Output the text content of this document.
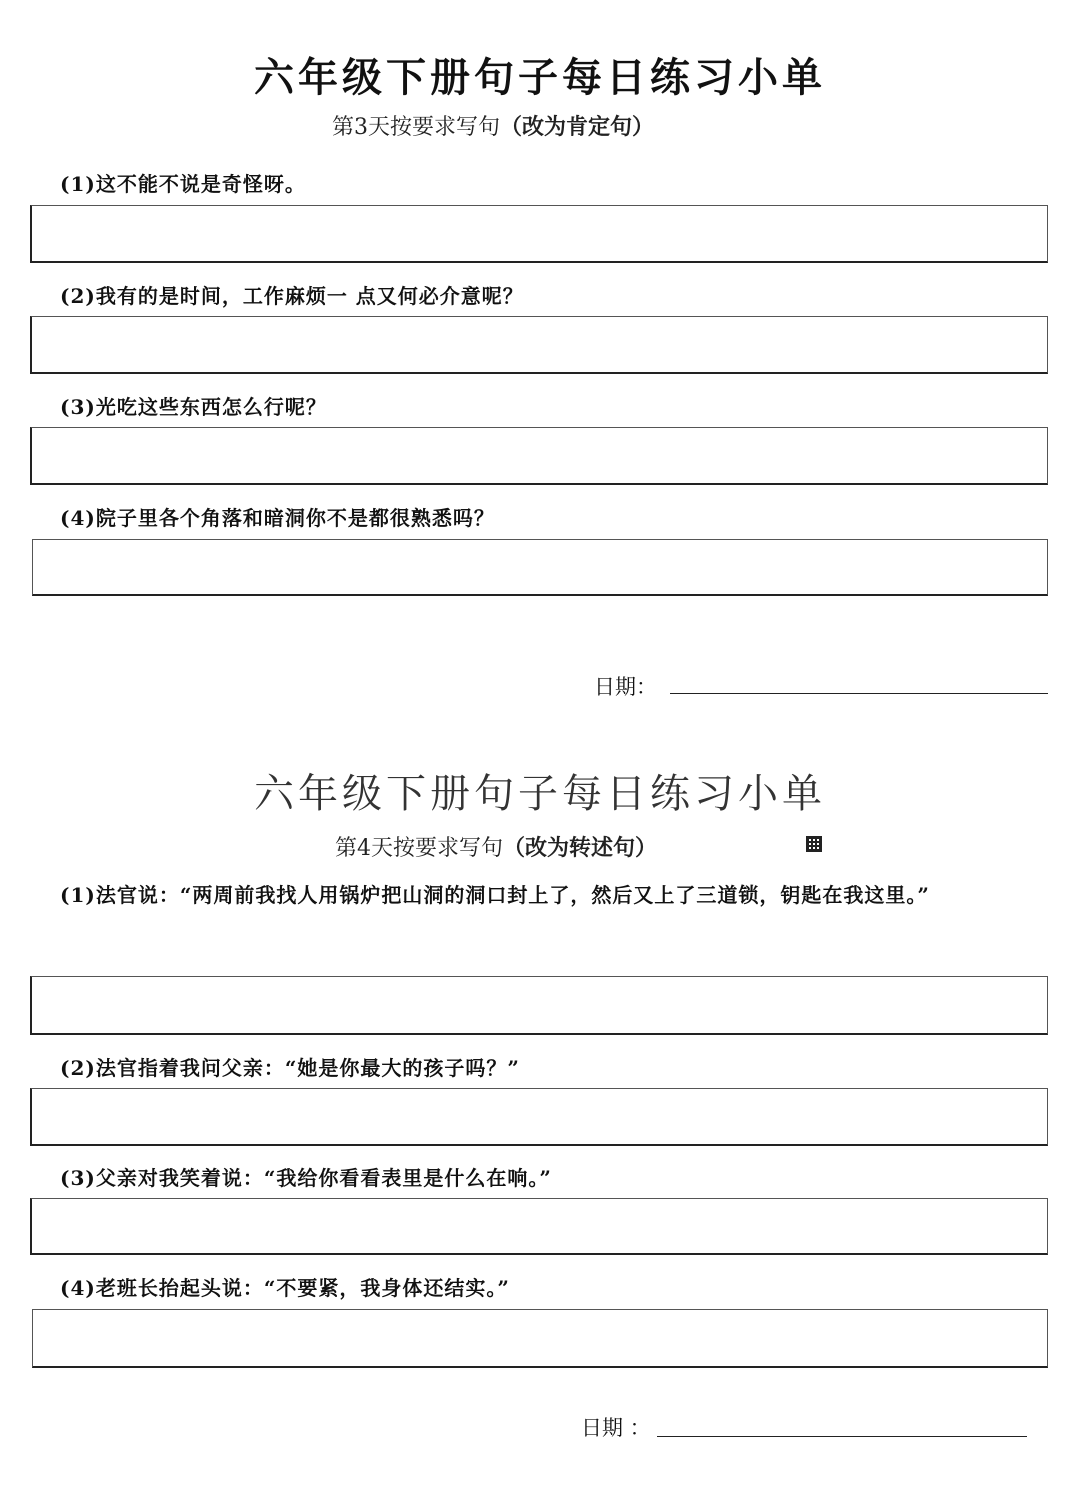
六年级下册句子每日练习小单
第3天按要求写句（改为肯定句）
(1)这不能不说是奇怪呀。
(2)我有的是时间，工作麻烦一 点又何必介意呢？
(3)光吃这些东西怎么行呢？
(4)院子里各个角落和暗洞你不是都很熟悉吗？
日期：
六年级下册句子每日练习小单
第4天按要求写句（改为转述句）
(1)法官说：“两周前我找人用锅炉把山洞的洞口封上了，然后又上了三道锁，钥匙在我这里。”
(2)法官指着我问父亲：“她是你最大的孩子吗？”
(3)父亲对我笑着说：“我给你看看表里是什么在响。”
(4)老班长抬起头说：“不要紧，我身体还结实。”
日期 ：
